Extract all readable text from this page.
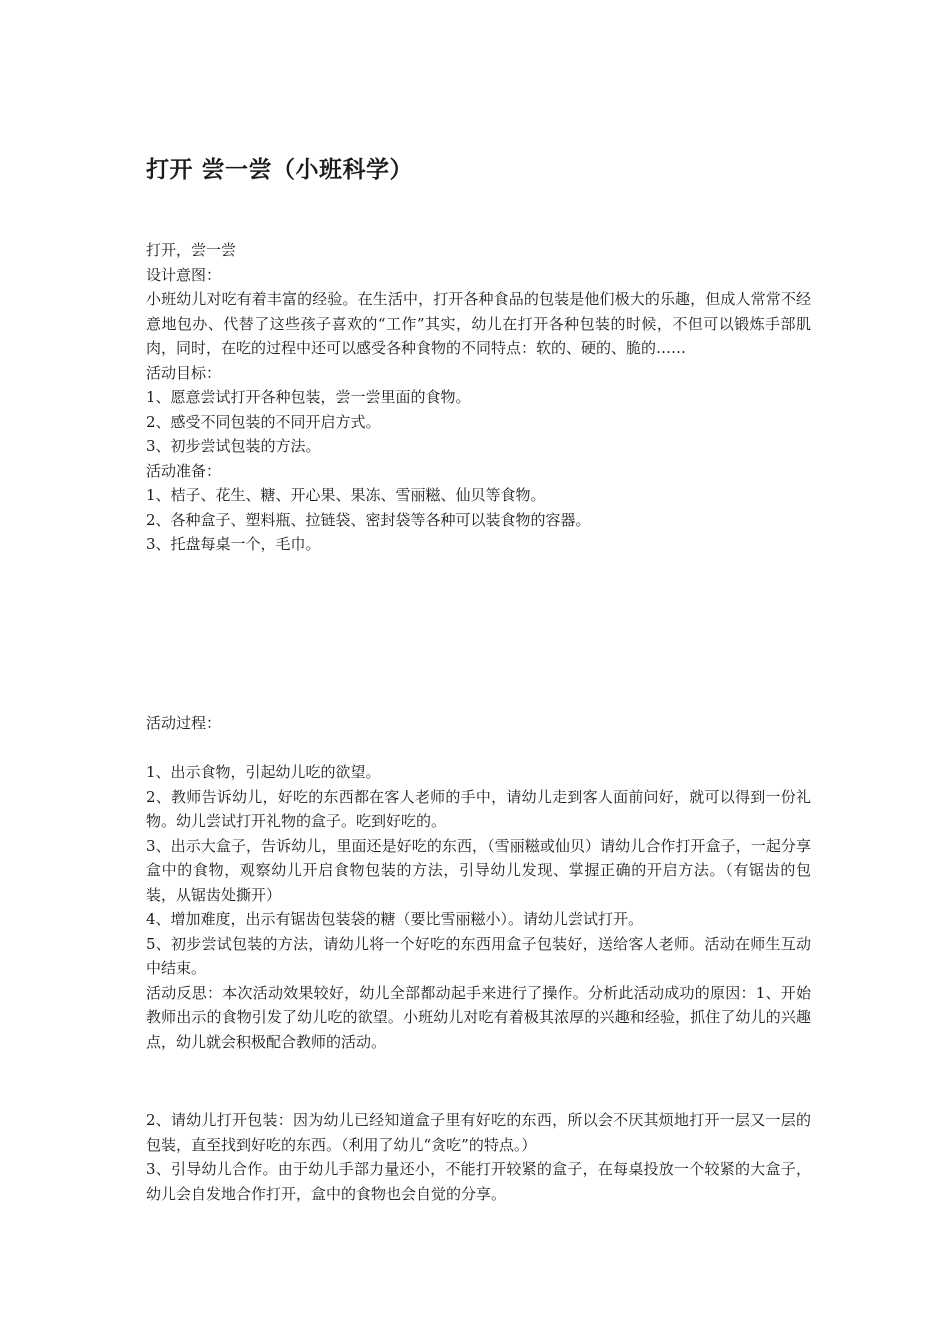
打开 尝一尝（小班科学）

打开，尝一尝

设计意图：

小班幼儿对吃有着丰富的经验。在生活中，打开各种食品的包装是他们极大的乐趣，但成人常常不经意地包办、代替了这些孩子喜欢的“工作”其实，幼儿在打开各种包装的时候，不但可以锻炼手部肌肉，同时，在吃的过程中还可以感受各种食物的不同特点：软的、硬的、脆的……

活动目标：

1、愿意尝试打开各种包装，尝一尝里面的食物。

2、感受不同包装的不同开启方式。

3、初步尝试包装的方法。

活动准备：

1、桔子、花生、糖、开心果、果冻、雪丽糍、仙贝等食物。

2、各种盒子、塑料瓶、拉链袋、密封袋等各种可以装食物的容器。

3、托盘每桌一个，毛巾。

活动过程：

1、出示食物，引起幼儿吃的欲望。

2、教师告诉幼儿，好吃的东西都在客人老师的手中，请幼儿走到客人面前问好，就可以得到一份礼物。幼儿尝试打开礼物的盒子。吃到好吃的。

3、出示大盒子，告诉幼儿，里面还是好吃的东西，（雪丽糍或仙贝）请幼儿合作打开盒子，一起分享盒中的食物，观察幼儿开启食物包装的方法，引导幼儿发现、掌握正确的开启方法。（有锯齿的包装，从锯齿处撕开）

4、增加难度，出示有锯齿包装袋的糖（要比雪丽糍小）。请幼儿尝试打开。

5、初步尝试包装的方法，请幼儿将一个好吃的东西用盒子包装好，送给客人老师。活动在师生互动中结束。

活动反思：本次活动效果较好，幼儿全部都动起手来进行了操作。分析此活动成功的原因：1、开始教师出示的食物引发了幼儿吃的欲望。小班幼儿对吃有着极其浓厚的兴趣和经验，抓住了幼儿的兴趣点，幼儿就会积极配合教师的活动。

2、请幼儿打开包装：因为幼儿已经知道盒子里有好吃的东西，所以会不厌其烦地打开一层又一层的包装，直至找到好吃的东西。（利用了幼儿“贪吃”的特点。）

3、引导幼儿合作。由于幼儿手部力量还小，不能打开较紧的盒子，在每桌投放一个较紧的大盒子，幼儿会自发地合作打开，盒中的食物也会自觉的分享。
